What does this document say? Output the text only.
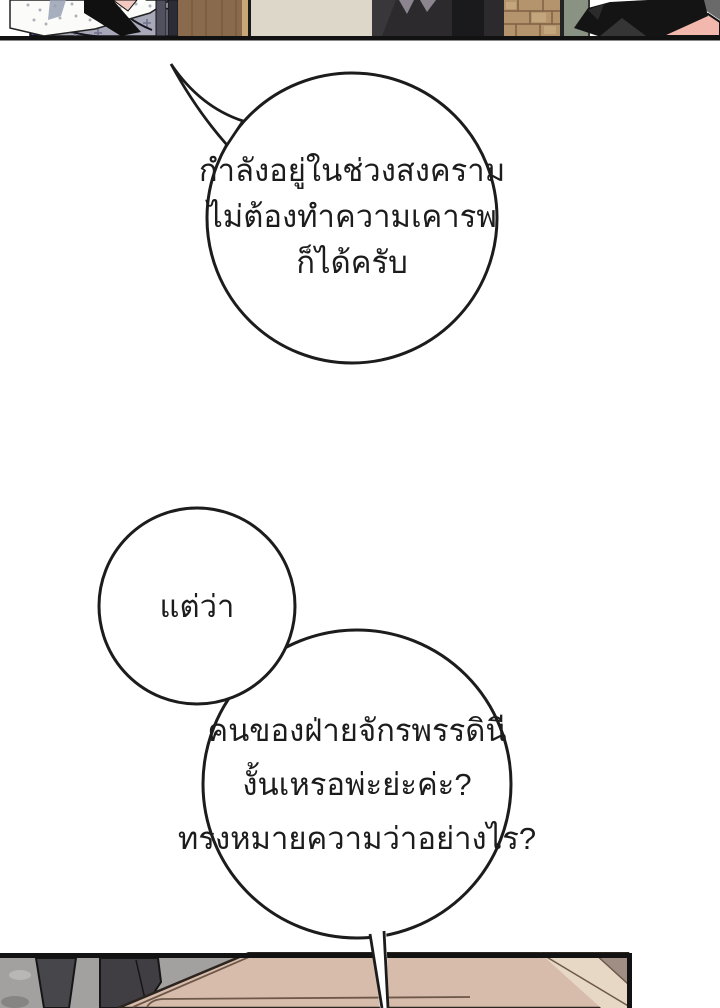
กำลังอยู่ในช่วงสงคราม
ไม่ต้องทำความเคารพ
ก็ได้ครับ
แต่ว่า
คนของฝ่ายจักรพรรดินี
งั้นเหรอพ่ะย่ะค่ะ?
ทรงหมายความว่าอย่างไร?
